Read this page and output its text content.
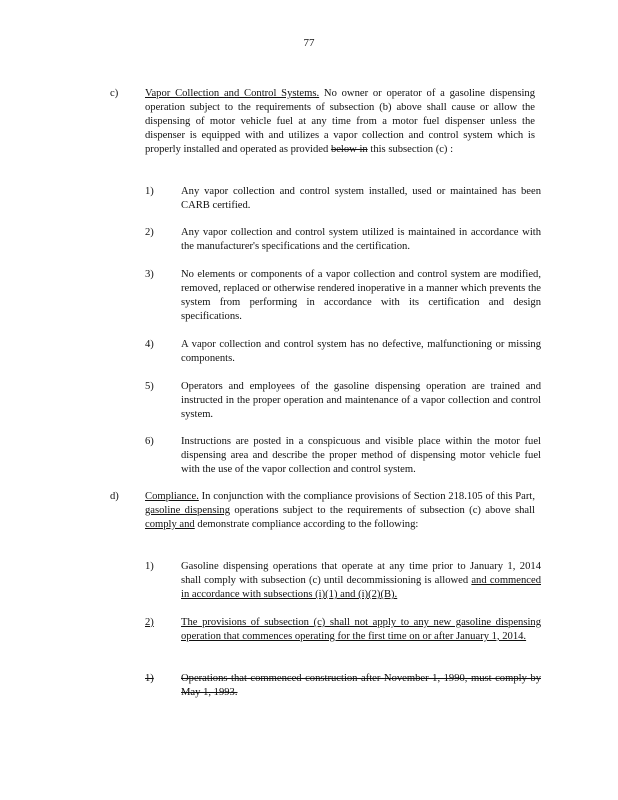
77
c)	Vapor Collection and Control Systems. No owner or operator of a gasoline dispensing operation subject to the requirements of subsection (b) above shall cause or allow the dispensing of motor vehicle fuel at any time from a motor fuel dispenser unless the dispenser is equipped with and utilizes a vapor collection and control system which is properly installed and operated as provided below in this subsection (c) :
1)	Any vapor collection and control system installed, used or maintained has been CARB certified.
2)	Any vapor collection and control system utilized is maintained in accordance with the manufacturer's specifications and the certification.
3)	No elements or components of a vapor collection and control system are modified, removed, replaced or otherwise rendered inoperative in a manner which prevents the system from performing in accordance with its certification and design specifications.
4)	A vapor collection and control system has no defective, malfunctioning or missing components.
5)	Operators and employees of the gasoline dispensing operation are trained and instructed in the proper operation and maintenance of a vapor collection and control system.
6)	Instructions are posted in a conspicuous and visible place within the motor fuel dispensing area and describe the proper method of dispensing motor vehicle fuel with the use of the vapor collection and control system.
d) Compliance. In conjunction with the compliance provisions of Section 218.105 of this Part, gasoline dispensing operations subject to the requirements of subsection (c) above shall comply and demonstrate compliance according to the following:
1)	Gasoline dispensing operations that operate at any time prior to January 1, 2014 shall comply with subsection (c) until decommissioning is allowed and commenced in accordance with subsections (i)(1) and (i)(2)(B).
2)	The provisions of subsection (c) shall not apply to any new gasoline dispensing operation that commences operating for the first time on or after January 1, 2014.
1)	Operations that commenced construction after November 1, 1990, must comply by May 1, 1993.
